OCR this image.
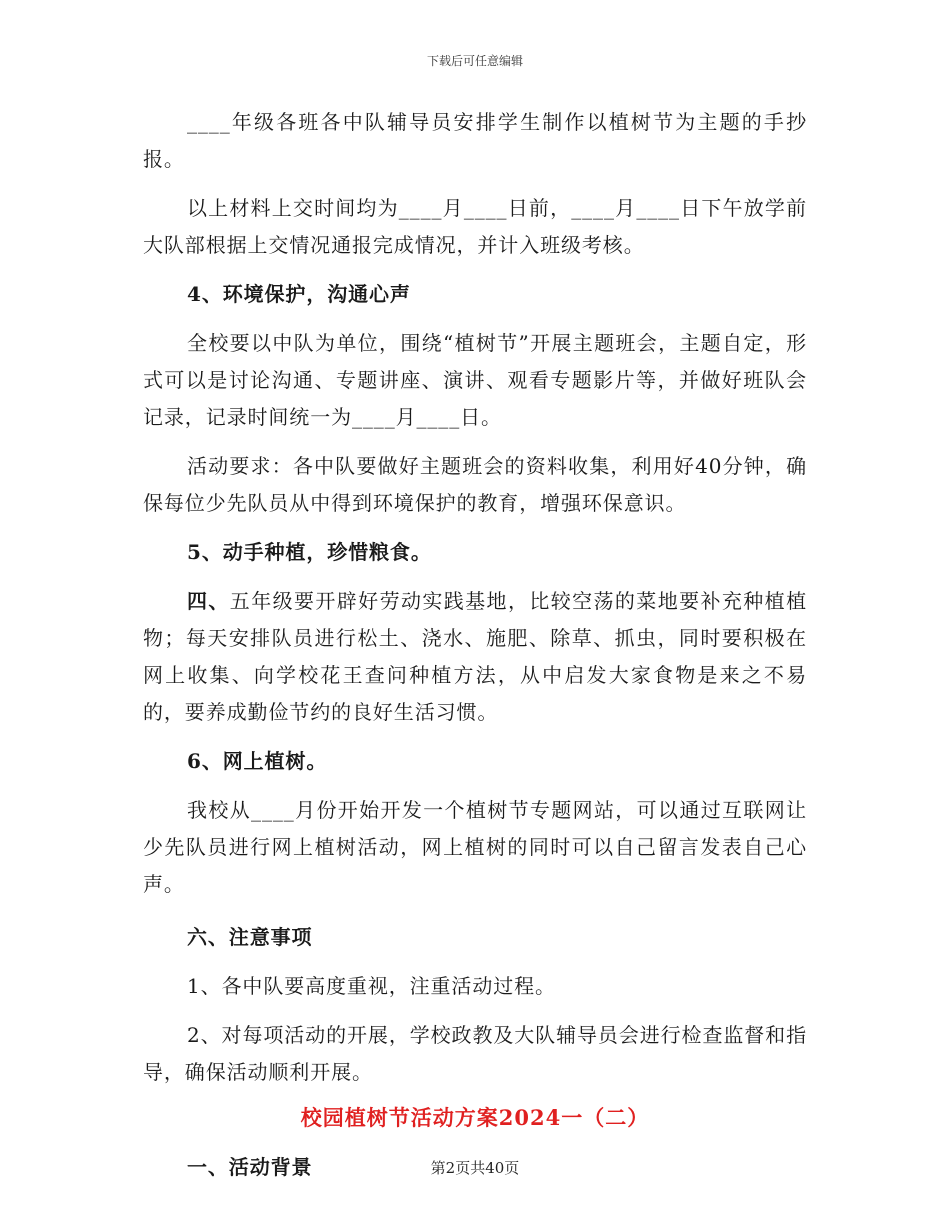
下载后可任意编辑

____年级各班各中队辅导员安排学生制作以植树节为主题的手抄报。

以上材料上交时间均为____月____日前，____月____日下午放学前大队部根据上交情况通报完成情况，并计入班级考核。

4、环境保护，沟通心声

全校要以中队为单位，围绕“植树节”开展主题班会，主题自定，形式可以是讨论沟通、专题讲座、演讲、观看专题影片等，并做好班队会记录，记录时间统一为____月____日。

活动要求：各中队要做好主题班会的资料收集，利用好40分钟，确保每位少先队员从中得到环境保护的教育，增强环保意识。

5、动手种植，珍惜粮食。

四、五年级要开辟好劳动实践基地，比较空荡的菜地要补充种植植物；每天安排队员进行松土、浇水、施肥、除草、抓虫，同时要积极在网上收集、向学校花王查问种植方法，从中启发大家食物是来之不易的，要养成勤俭节约的良好生活习惯。

6、网上植树。

我校从____月份开始开发一个植树节专题网站，可以通过互联网让少先队员进行网上植树活动，网上植树的同时可以自己留言发表自己心声。

六、注意事项

1、各中队要高度重视，注重活动过程。

2、对每项活动的开展，学校政教及大队辅导员会进行检查监督和指导，确保活动顺利开展。

校园植树节活动方案2024一（二）

一、活动背景	第2页共40页
